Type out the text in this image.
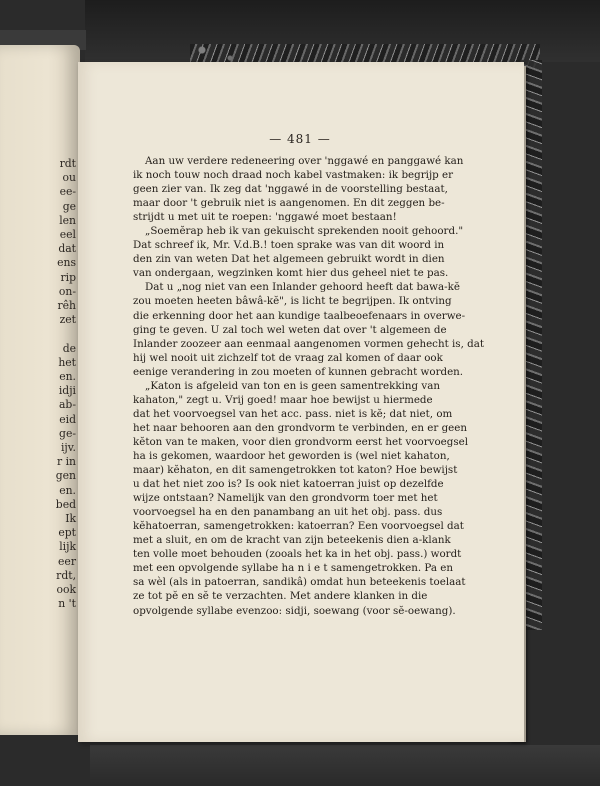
rdt
ou
ee-
ge
len
eel
dat
ens
rip
on-
rêh
zet

de
het
en.
idji
ab-
eid
ge-
ijv.
r in
gen
en.
bed
Ik
ept
lijk
eer
rdt,
ook
n 't
— 481 —
Aan uw verdere redeneering over 'nggawé en panggawé kan
ik noch touw noch draad noch kabel vastmaken: ik begrijp er
geen zier van. Ik zeg dat 'nggawé in de voorstelling bestaat,
maar door 't gebruik niet is aangenomen. En dit zeggen be-
strijdt u met uit te roepen: 'nggawé moet bestaan!
„Soemĕrap heb ik van gekuischt sprekenden nooit gehoord."
Dat schreef ik, Mr. V.d.B.! toen sprake was van dit woord in
den zin van weten Dat het algemeen gebruikt wordt in dien
van ondergaan, wegzinken komt hier dus geheel niet te pas.
Dat u „nog niet van een Inlander gehoord heeft dat bawa-kĕ
zou moeten heeten bâwâ-kĕ", is licht te begrijpen. Ik ontving
die erkenning door het aan kundige taalbeoefenaars in overwe-
ging te geven. U zal toch wel weten dat over 't algemeen de
Inlander zoozeer aan eenmaal aangenomen vormen gehecht is, dat
hij wel nooit uit zichzelf tot de vraag zal komen of daar ook
eenige verandering in zou moeten of kunnen gebracht worden.
„Katon is afgeleid van ton en is geen samentrekking van
kahaton," zegt u. Vrij goed! maar hoe bewijst u hiermede
dat het voorvoegsel van het acc. pass. niet is kĕ; dat niet, om
het naar behooren aan den grondvorm te verbinden, en er geen
kĕton van te maken, voor dien grondvorm eerst het voorvoegsel
ha is gekomen, waardoor het geworden is (wel niet kahaton,
maar) kĕhaton, en dit samengetrokken tot katon? Hoe bewijst
u dat het niet zoo is? Is ook niet katoerran juist op dezelfde
wijze ontstaan? Namelijk van den grondvorm toer met het
voorvoegsel ha en den panambang an uit het obj. pass. dus
kĕhatoerran, samengetrokken: katoerran? Een voorvoegsel dat
met a sluit, en om de kracht van zijn beteekenis dien a-klank
ten volle moet behouden (zooals het ka in het obj. pass.) wordt
met een opvolgende syllabe ha n i e t samengetrokken. Pa en
sa wèl (als in patoerran, sandikâ) omdat hun beteekenis toelaat
ze tot pĕ en sĕ te verzachten. Met andere klanken in die
opvolgende syllabe evenzoo: sidji, soewang (voor sĕ-oewang).
